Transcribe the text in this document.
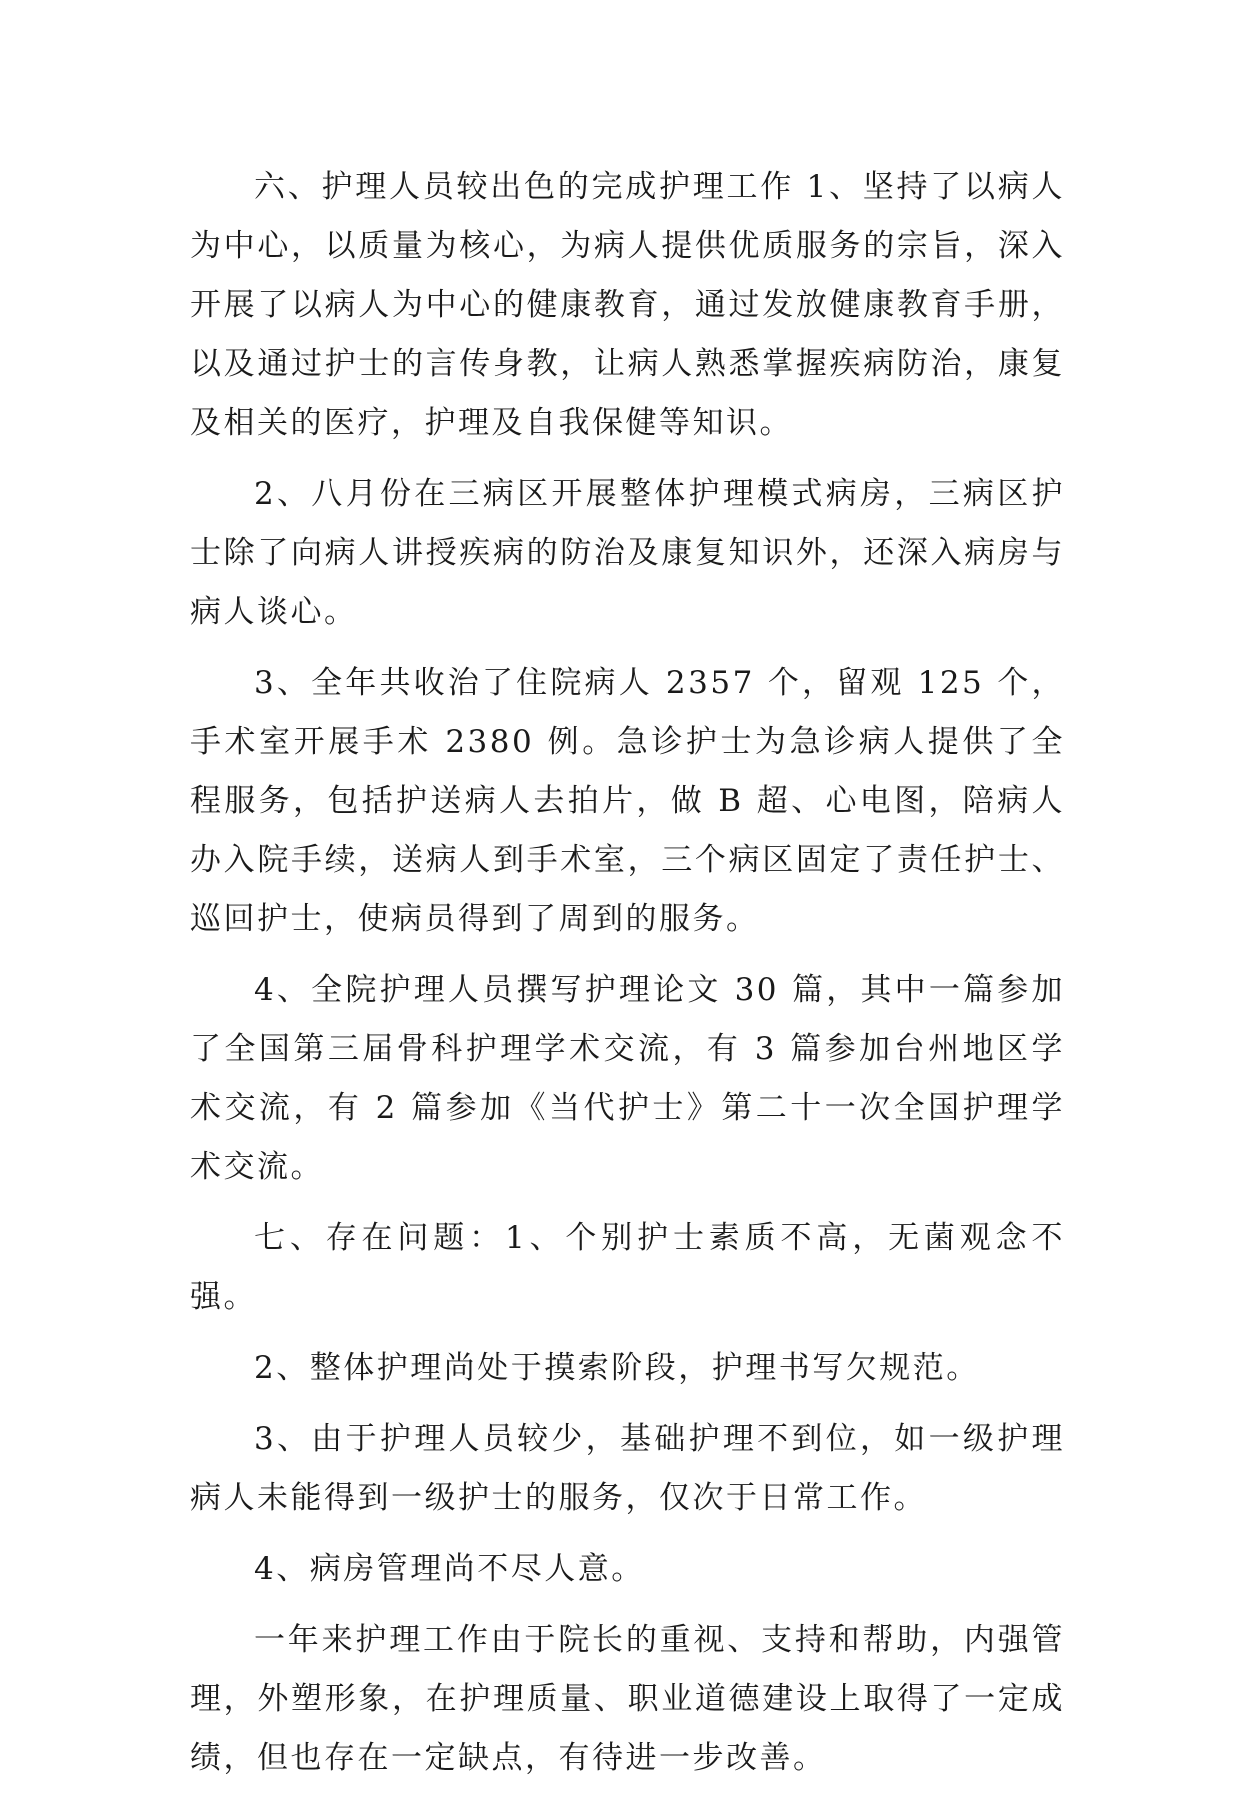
六、护理人员较出色的完成护理工作 1、坚持了以病人为中心，以质量为核心，为病人提供优质服务的宗旨，深入开展了以病人为中心的健康教育，通过发放健康教育手册，以及通过护士的言传身教，让病人熟悉掌握疾病防治，康复及相关的医疗，护理及自我保健等知识。

2、八月份在三病区开展整体护理模式病房，三病区护士除了向病人讲授疾病的防治及康复知识外，还深入病房与病人谈心。

3、全年共收治了住院病人 2357 个，留观 125 个，手术室开展手术 2380 例。急诊护士为急诊病人提供了全程服务，包括护送病人去拍片，做 B 超、心电图，陪病人办入院手续，送病人到手术室，三个病区固定了责任护士、巡回护士，使病员得到了周到的服务。

4、全院护理人员撰写护理论文 30 篇，其中一篇参加了全国第三届骨科护理学术交流，有 3 篇参加台州地区学术交流，有 2 篇参加《当代护士》第二十一次全国护理学术交流。

七、存在问题：1、个别护士素质不高，无菌观念不强。

2、整体护理尚处于摸索阶段，护理书写欠规范。

3、由于护理人员较少，基础护理不到位，如一级护理病人未能得到一级护士的服务，仅次于日常工作。

4、病房管理尚不尽人意。

一年来护理工作由于院长的重视、支持和帮助，内强管理，外塑形象，在护理质量、职业道德建设上取得了一定成绩，但也存在一定缺点，有待进一步改善。
